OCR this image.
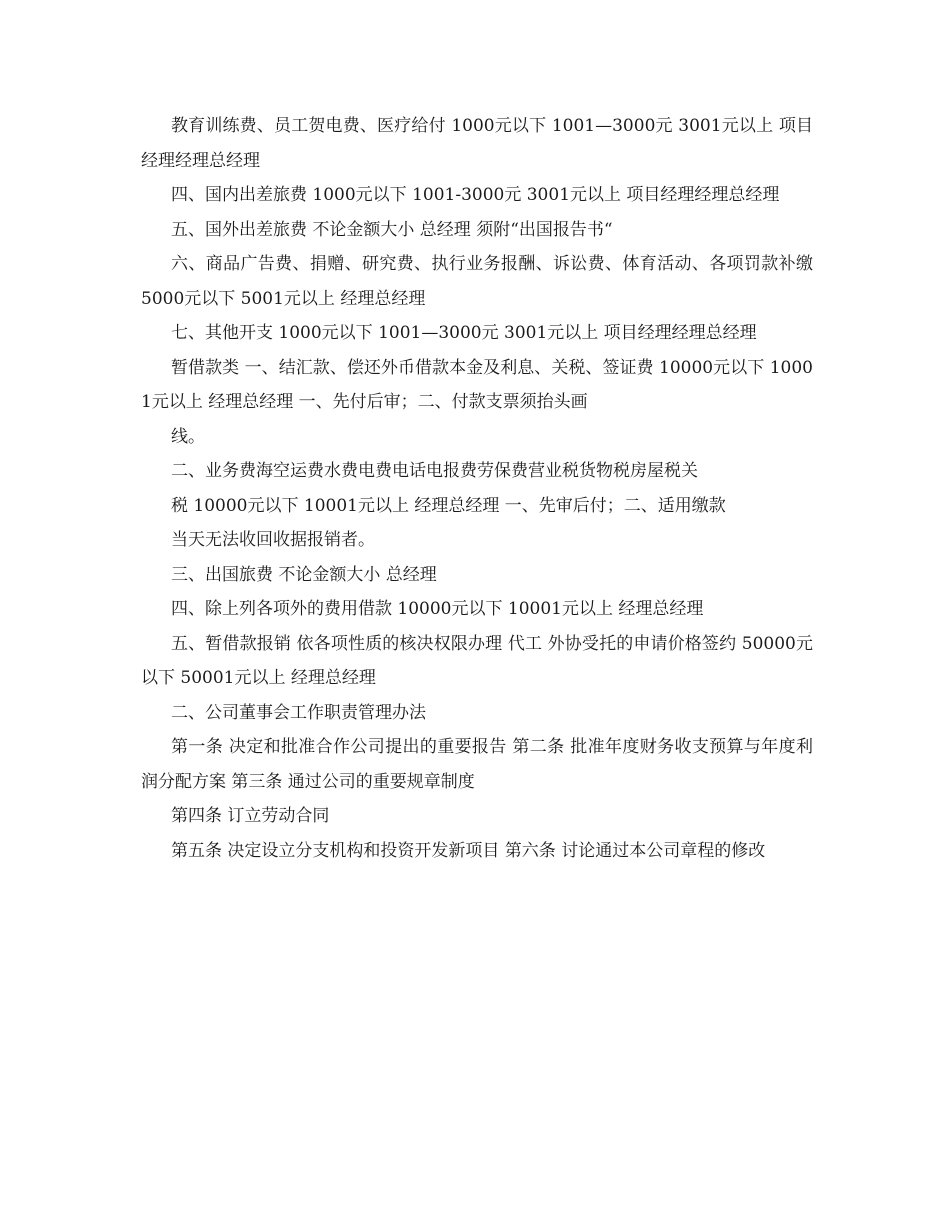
教育训练费、员工贺电费、医疗给付 1000元以下 1001—3000元 3001元以上 项目经理经理总经理

四、国内出差旅费 1000元以下 1001-3000元 3001元以上 项目经理经理总经理

五、国外出差旅费 不论金额大小 总经理 须附“出国报告书“

六、商品广告费、捐赠、研究费、执行业务报酬、诉讼费、体育活动、各项罚款补缴 5000元以下 5001元以上 经理总经理

七、其他开支 1000元以下 1001—3000元 3001元以上 项目经理经理总经理

暂借款类 一、结汇款、偿还外币借款本金及利息、关税、签证费 10000元以下 10001元以上 经理总经理 一、先付后审；二、付款支票须抬头画

线。

二、业务费海空运费水费电费电话电报费劳保费营业税货物税房屋税关

税 10000元以下 10001元以上 经理总经理 一、先审后付；二、适用缴款

当天无法收回收据报销者。

三、出国旅费 不论金额大小 总经理

四、除上列各项外的费用借款 10000元以下 10001元以上 经理总经理

五、暂借款报销 依各项性质的核决权限办理 代工 外协受托的申请价格签约 50000元以下 50001元以上 经理总经理

二、公司董事会工作职责管理办法

第一条 决定和批准合作公司提出的重要报告 第二条 批准年度财务收支预算与年度利润分配方案 第三条 通过公司的重要规章制度

第四条 订立劳动合同

第五条 决定设立分支机构和投资开发新项目 第六条 讨论通过本公司章程的修改
